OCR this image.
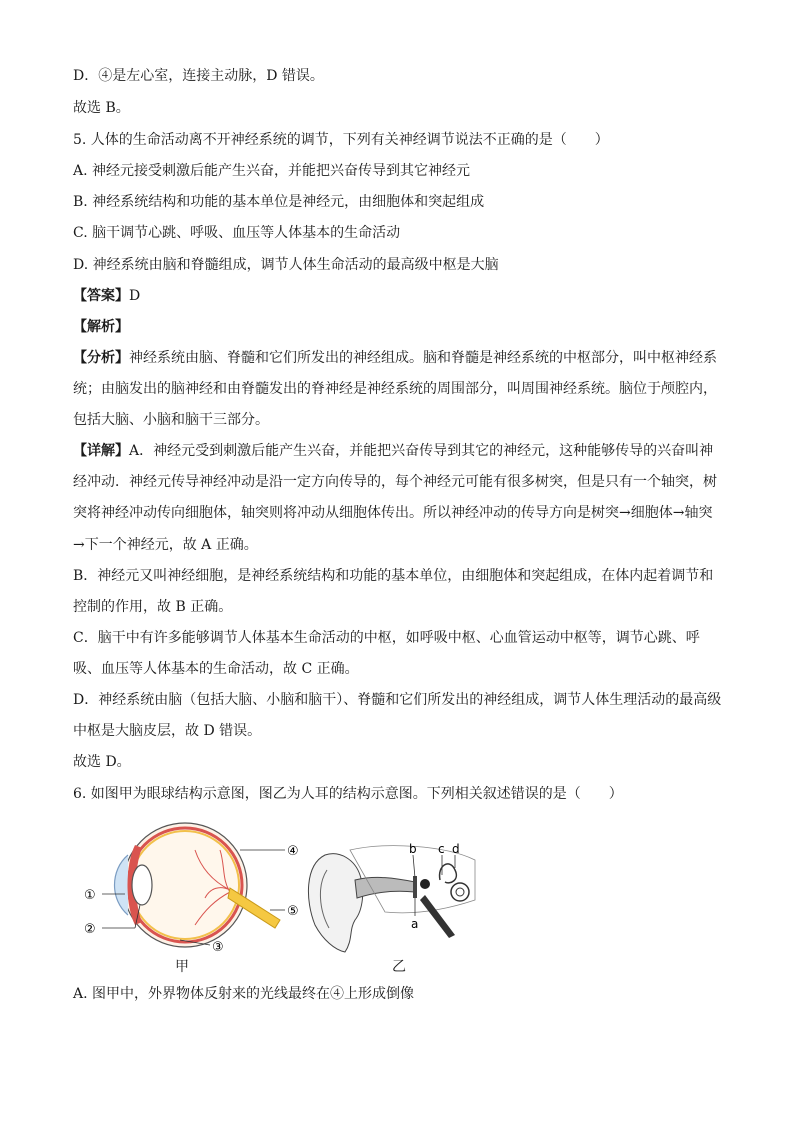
D．④是左心室，连接主动脉，D 错误。
故选 B。
5. 人体的生命活动离不开神经系统的调节，下列有关神经调节说法不正确的是（　　）
A. 神经元接受刺激后能产生兴奋，并能把兴奋传导到其它神经元
B. 神经系统结构和功能的基本单位是神经元，由细胞体和突起组成
C. 脑干调节心跳、呼吸、血压等人体基本的生命活动
D. 神经系统由脑和脊髓组成，调节人体生命活动的最高级中枢是大脑
【答案】D
【解析】
【分析】神经系统由脑、脊髓和它们所发出的神经组成。脑和脊髓是神经系统的中枢部分，叫中枢神经系
统；由脑发出的脑神经和由脊髓发出的脊神经是神经系统的周围部分，叫周围神经系统。脑位于颅腔内，
包括大脑、小脑和脑干三部分。
【详解】A．神经元受到刺激后能产生兴奋，并能把兴奋传导到其它的神经元，这种能够传导的兴奋叫神
经冲动．神经元传导神经冲动是沿一定方向传导的，每个神经元可能有很多树突，但是只有一个轴突，树
突将神经冲动传向细胞体，轴突则将冲动从细胞体传出。所以神经冲动的传导方向是树突→细胞体→轴突
→下一个神经元，故 A 正确。
B．神经元又叫神经细胞，是神经系统结构和功能的基本单位，由细胞体和突起组成，在体内起着调节和
控制的作用，故 B 正确。
C．脑干中有许多能够调节人体基本生命活动的中枢，如呼吸中枢、心血管运动中枢等，调节心跳、呼
吸、血压等人体基本的生命活动，故 C 正确。
D．神经系统由脑（包括大脑、小脑和脑干）、脊髓和它们所发出的神经组成，调节人体生理活动的最高级
中枢是大脑皮层，故 D 错误。
故选 D。
6. 如图甲为眼球结构示意图，图乙为人耳的结构示意图。下列相关叙述错误的是（　　）
①
②
③
④
⑤
甲
b c d
a
乙
A. 图甲中，外界物体反射来的光线最终在④上形成倒像
